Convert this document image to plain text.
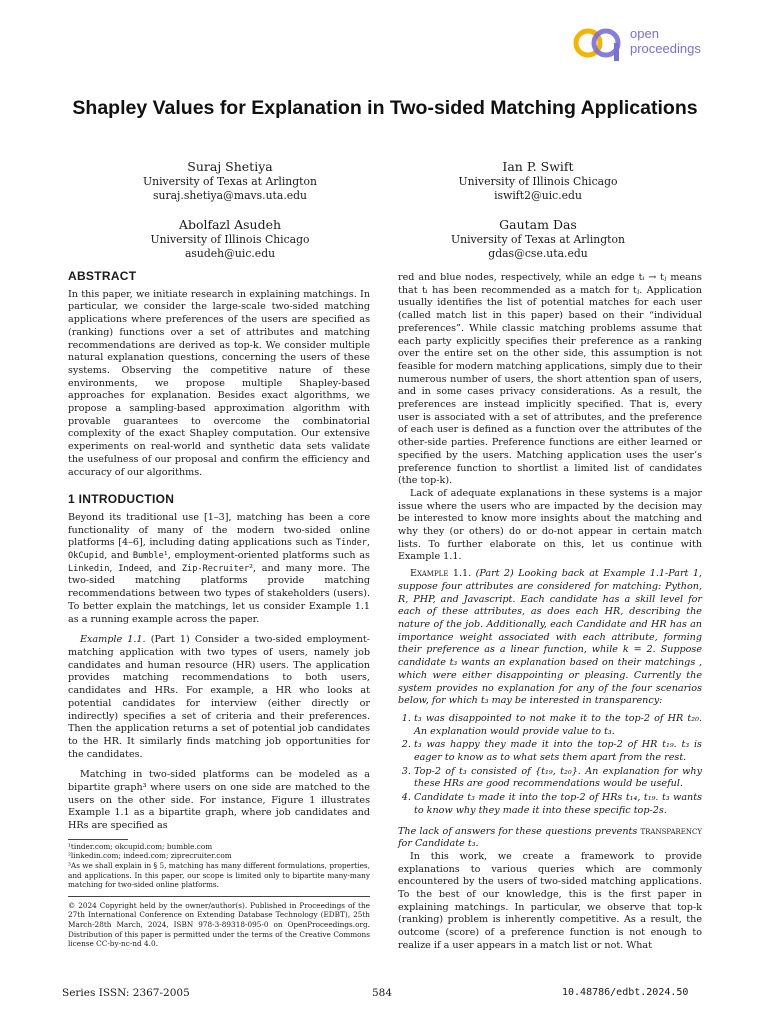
open
proceedings
Shapley Values for Explanation in Two-sided Matching Applications
Suraj Shetiya
University of Texas at Arlington
suraj.shetiya@mavs.uta.edu
Ian P. Swift
University of Illinois Chicago
iswift2@uic.edu
Abolfazl Asudeh
University of Illinois Chicago
asudeh@uic.edu
Gautam Das
University of Texas at Arlington
gdas@cse.uta.edu
ABSTRACT

In this paper, we initiate research in explaining matchings. In particular, we consider the large-scale two-sided matching applications where preferences of the users are specified as (ranking) functions over a set of attributes and matching recommendations are derived as top-k. We consider multiple natural explanation questions, concerning the users of these systems. Observing the competitive nature of these environments, we propose multiple Shapley-based approaches for explanation. Besides exact algorithms, we propose a sampling-based approximation algorithm with provable guarantees to overcome the combinatorial complexity of the exact Shapley computation. Our extensive experiments on real-world and synthetic data sets validate the usefulness of our proposal and confirm the efficiency and accuracy of our algorithms.

1 INTRODUCTION

Beyond its traditional use [1–3], matching has been a core functionality of many of the modern two-sided online platforms [4–6], including dating applications such as Tinder, OkCupid, and Bumble¹, employment-oriented platforms such as Linkedin, Indeed, and Zip-Recruiter², and many more. The two-sided matching platforms provide matching recommendations between two types of stakeholders (users). To better explain the matchings, let us consider Example 1.1 as a running example across the paper.

Example 1.1. (Part 1) Consider a two-sided employment-matching application with two types of users, namely job candidates and human resource (HR) users. The application provides matching recommendations to both users, candidates and HRs. For example, a HR who looks at potential candidates for interview (either directly or indirectly) specifies a set of criteria and their preferences. Then the application returns a set of potential job candidates to the HR. It similarly finds matching job opportunities for the candidates.

Matching in two-sided platforms can be modeled as a bipartite graph³ where users on one side are matched to the users on the other side. For instance, Figure 1 illustrates Example 1.1 as a bipartite graph, where job candidates and HRs are specified as

¹tinder.com; okcupid.com; bumble.com
²linkedin.com; indeed.com; ziprecruiter.com
³As we shall explain in § 5, matching has many different formulations, properties, and applications. In this paper, our scope is limited only to bipartite many-many matching for two-sided online platforms.
© 2024 Copyright held by the owner/author(s). Published in Proceedings of the 27th International Conference on Extending Database Technology (EDBT), 25th March-28th March, 2024, ISBN 978-3-89318-095-0 on OpenProceedings.org. Distribution of this paper is permitted under the terms of the Creative Commons license CC-by-nc-nd 4.0.

red and blue nodes, respectively, while an edge tᵢ → tⱼ means that tᵢ has been recommended as a match for tⱼ. Application usually identifies the list of potential matches for each user (called match list in this paper) based on their “individual preferences”. While classic matching problems assume that each party explicitly specifies their preference as a ranking over the entire set on the other side, this assumption is not feasible for modern matching applications, simply due to their numerous number of users, the short attention span of users, and in some cases privacy considerations. As a result, the preferences are instead implicitly specified. That is, every user is associated with a set of attributes, and the preference of each user is defined as a function over the attributes of the other-side parties. Preference functions are either learned or specified by the users. Matching application uses the user’s preference function to shortlist a limited list of candidates (the top-k).

Lack of adequate explanations in these systems is a major issue where the users who are impacted by the decision may be interested to know more insights about the matching and why they (or others) do or do-not appear in certain match lists. To further elaborate on this, let us continue with Example 1.1.

Example 1.1. (Part 2) Looking back at Example 1.1-Part 1, suppose four attributes are considered for matching: Python, R, PHP, and Javascript. Each candidate has a skill level for each of these attributes, as does each HR, describing the nature of the job. Additionally, each Candidate and HR has an importance weight associated with each attribute, forming their preference as a linear function, while k = 2. Suppose candidate t₃ wants an explanation based on their matchings , which were either disappointing or pleasing. Currently the system provides no explanation for any of the four scenarios below, for which t₃ may be interested in transparency:

1. t₃ was disappointed to not make it to the top-2 of HR t₂₀. An explanation would provide value to t₃.
2. t₃ was happy they made it into the top-2 of HR t₁₉. t₃ is eager to know as to what sets them apart from the rest.
3. Top-2 of t₃ consisted of {t₁₉, t₂₀}. An explanation for why these HRs are good recommendations would be useful.
4. Candidate t₃ made it into the top-2 of HRs t₁₄, t₁₉. t₃ wants to know why they made it into these specific top-2s.

The lack of answers for these questions prevents transparency for Candidate t₃.

In this work, we create a framework to provide explanations to various queries which are commonly encountered by the users of two-sided matching applications. To the best of our knowledge, this is the first paper in explaining matchings. In particular, we observe that top-k (ranking) problem is inherently competitive. As a result, the outcome (score) of a preference function is not enough to realize if a user appears in a match list or not. What

Series ISSN: 2367-2005	584	10.48786/edbt.2024.50
